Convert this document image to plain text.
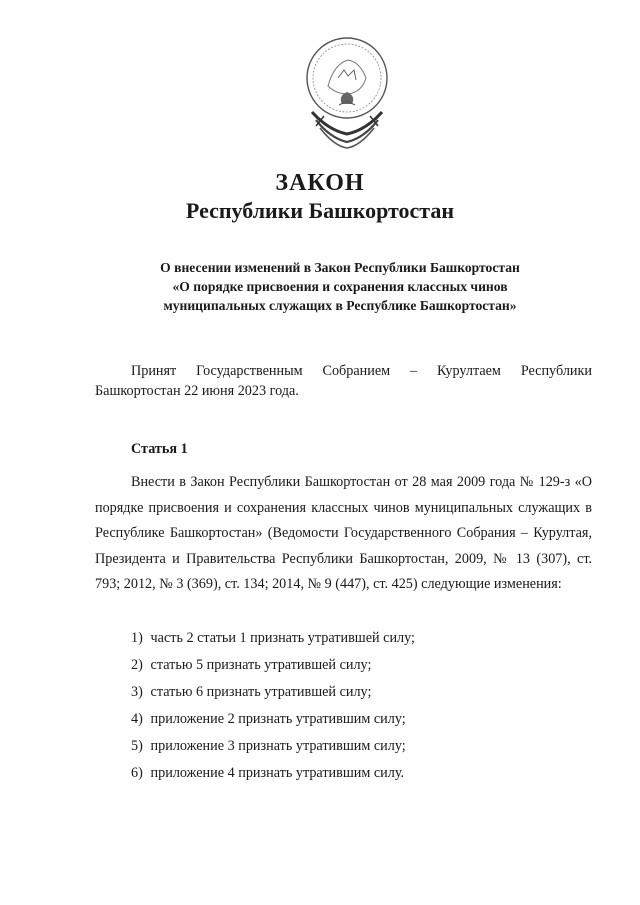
ЗАКОН
Республики Башкортостан

О внесении изменений в Закон Республики Башкортостан
«О порядке присвоения и сохранения классных чинов
муниципальных служащих в Республике Башкортостан»

Принят Государственным Собранием – Курултаем Республики Башкортостан 22 июня 2023 года.

Статья 1

Внести в Закон Республики Башкортостан от 28 мая 2009 года № 129-з «О порядке присвоения и сохранения классных чинов муниципальных служащих в Республике Башкортостан» (Ведомости Государственного Собрания – Курултая, Президента и Правительства Республики Башкортостан, 2009, № 13 (307), ст. 793; 2012, № 3 (369), ст. 134; 2014, № 9 (447), ст. 425) следующие изменения:

1) часть 2 статьи 1 признать утратившей силу;
2) статью 5 признать утратившей силу;
3) статью 6 признать утратившей силу;
4) приложение 2 признать утратившим силу;
5) приложение 3 признать утратившим силу;
6) приложение 4 признать утратившим силу.
